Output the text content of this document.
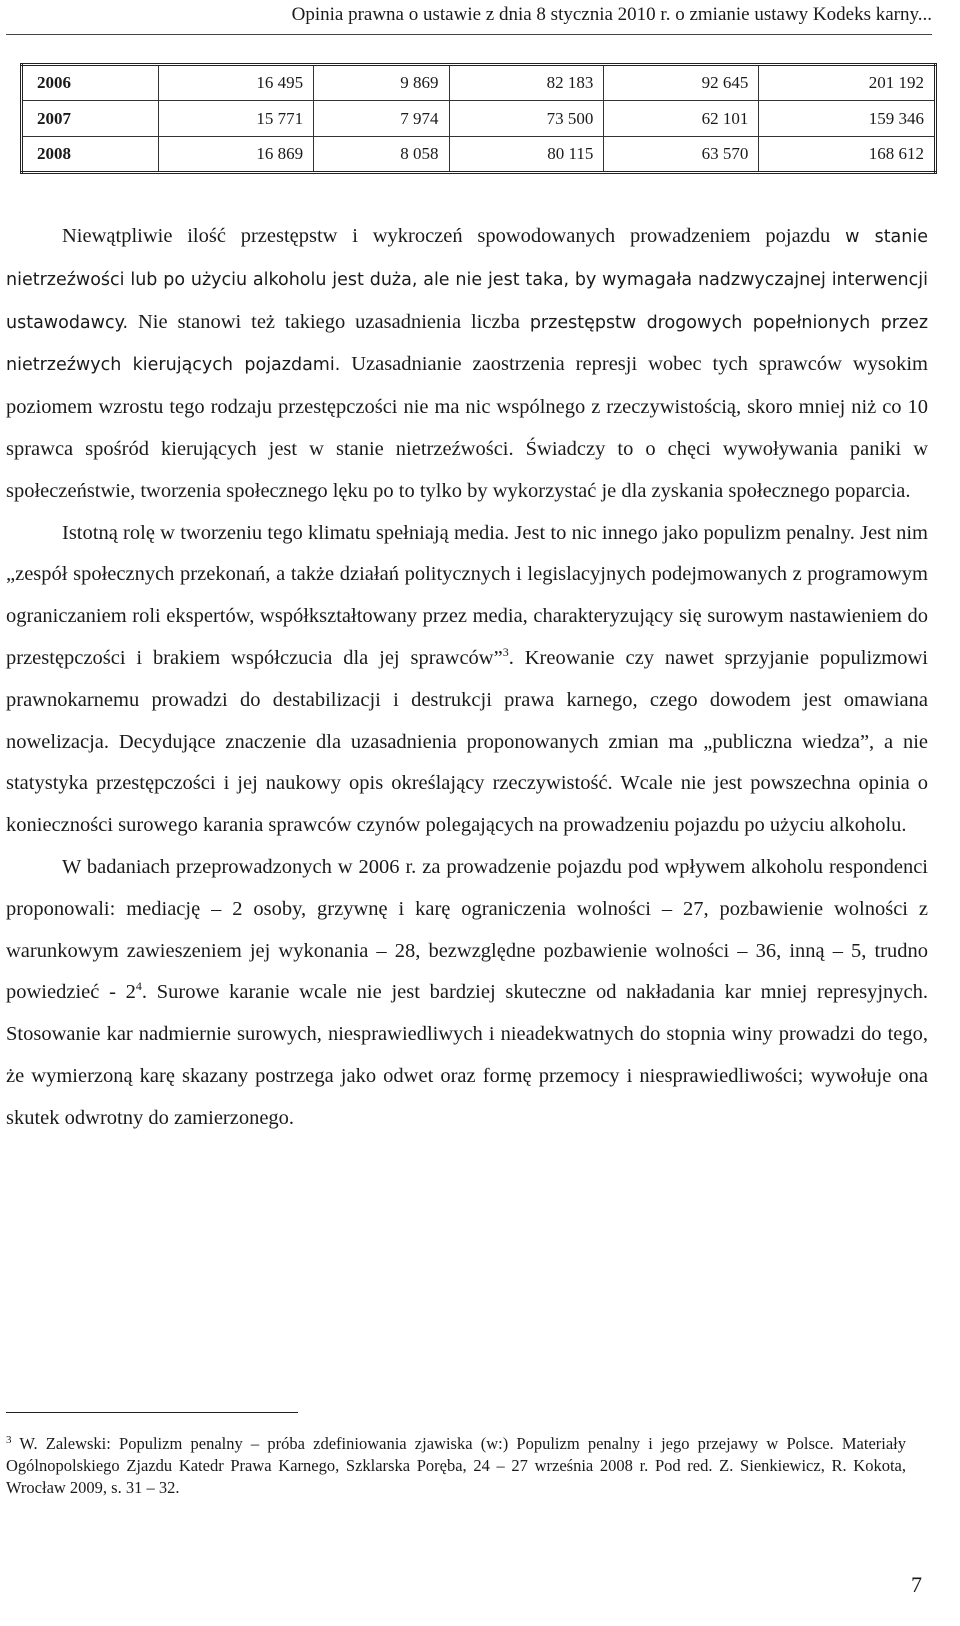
Opinia prawna o ustawie z dnia 8 stycznia 2010 r. o zmianie ustawy Kodeks karny...
2006	16 495	9 869	82 183	92 645	201 192
2007	15 771	7 974	73 500	62 101	159 346
2008	16 869	8 058	80 115	63 570	168 612

Niewątpliwie ilość przestępstw i wykroczeń spowodowanych prowadzeniem pojazdu w stanie nietrzeźwości lub po użyciu alkoholu jest duża, ale nie jest taka, by wymagała nadzwyczajnej interwencji ustawodawcy. Nie stanowi też takiego uzasadnienia liczba przestępstw drogowych popełnionych przez nietrzeźwych kierujących pojazdami. Uzasadnianie zaostrzenia represji wobec tych sprawców wysokim poziomem wzrostu tego rodzaju przestępczości nie ma nic wspólnego z rzeczywistością, skoro mniej niż co 10 sprawca spośród kierujących jest w stanie nietrzeźwości. Świadczy to o chęci wywoływania paniki w społeczeństwie, tworzenia społecznego lęku po to tylko by wykorzystać je dla zyskania społecznego poparcia.

Istotną rolę w tworzeniu tego klimatu spełniają media. Jest to nic innego jako populizm penalny. Jest nim „zespół społecznych przekonań, a także działań politycznych i legislacyjnych podejmowanych z programowym ograniczaniem roli ekspertów, współkształtowany przez media, charakteryzujący się surowym nastawieniem do przestępczości i brakiem współczucia dla jej sprawców”$^3$. Kreowanie czy nawet sprzyjanie populizmowi prawnokarnemu prowadzi do destabilizacji i destrukcji prawa karnego, czego dowodem jest omawiana nowelizacja. Decydujące znaczenie dla uzasadnienia proponowanych zmian ma „publiczna wiedza”, a nie statystyka przestępczości i jej naukowy opis określający rzeczywistość. Wcale nie jest powszechna opinia o konieczności surowego karania sprawców czynów polegających na prowadzeniu pojazdu po użyciu alkoholu.

W badaniach przeprowadzonych w 2006 r. za prowadzenie pojazdu pod wpływem alkoholu respondenci proponowali: mediację – 2 osoby, grzywnę i karę ograniczenia wolności – 27, pozbawienie wolności z warunkowym zawieszeniem jej wykonania – 28, bezwzględne pozbawienie wolności – 36, inną – 5, trudno powiedzieć - $2^4$. Surowe karanie wcale nie jest bardziej skuteczne od nakładania kar mniej represyjnych. Stosowanie kar nadmiernie surowych, niesprawiedliwych i nieadekwatnych do stopnia winy prowadzi do tego, że wymierzoną karę skazany postrzega jako odwet oraz formę przemocy i niesprawiedliwości; wywołuje ona skutek odwrotny do zamierzonego.

$^3$ W. Zalewski: Populizm penalny – próba zdefiniowania zjawiska (w:) Populizm penalny i jego przejawy w Polsce. Materiały Ogólnopolskiego Zjazdu Katedr Prawa Karnego, Szklarska Poręba, 24 – 27 września 2008 r. Pod red. Z. Sienkiewicz, R. Kokota, Wrocław 2009, s. 31 – 32.

7
